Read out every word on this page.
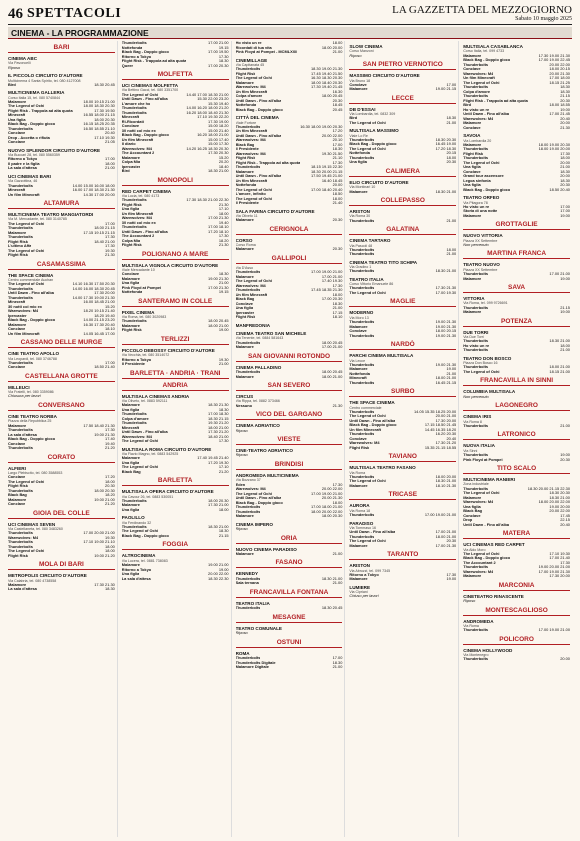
46 SPETTACOLI	LA GAZZETTA DEL MEZZOGIORNO
Sabato 10 maggio 2025
CINEMA - LA PROGRAMMAZIONE
BARI
CINEMA ABC
Via Pavoncelli
Riposo
IL PICCOLO CIRCUITO D'AUTORE
Multicinema 4 Santa Spirito, tel. 080 4127008
Bird	18.30 20.45
MULTICINEMA GALLERIA
Corso Italia 15, tel. 080 5740844
Malamore	18.00 19.15 21.00
The Legend of Ochi	18.00 18.30 20.30
Flight Risk - Trappola ad alta quota	17.30 19.50
Minecraft	16.55 18.00 21.15
Una figlia	18.00 20.30
Black Bag - Doppio gioco	16.15 18.25 20.35
Thunderbolts	16.50 18.55 21.10
Conclave	20.40
Drop - Accetta o rifiuta	17.10 19.30
Conclave	21.05
NUOVO SPLENDOR CIRCUITO D'AUTORE
Via Buccari 28, tel. 080 5560359
Ritorno a Tokyo	17.00
Il padre e la figlia	18.00
La sala d'attesa	21.00
UCI CINEMAS BARI
Via Gazzottina, 46
Thunderbolts	14.00 15.00 16.00 18.00
Minecraft	16.00 17.00 18.30 21.30
Un film Minecraft	14.30 17.00 20.00
ALTAMURA
MULTICINEMA TEATRO MANGIATORDI
Via M. Mercadante, tel. 080 3140785
The Legend of Ochi	17.00
Thunderbolts	18.00 21.15
Malamore	17.15 19.15 21.15
Thunderbolts	17.30
Flight Risk	18.40 21.00
L'ultimo Affa	17.30
The Legend of Ochi	19.30
Flight Risk	21.30
CASAMASSIMA
THE SPACE CINEMA
Centro commerciale Auchan
The Legend of Ochi	14.10 16.30 17.50 20.30
Thunderbolts	14.00 16.00 18.30 20.45
Until Dawn - Fino all'alba	17.30 20.00
Thunderbolts	14.00 17.30 19.00 21.30
Minecraft	16.00 18.45 21.00
30 notti col mio ex	15.20
Warewolves: M4	18.20 19.15 21.40
Ipercaster	18.20 19.40
Black Bag - Doppio gioco	14.00 21.15 23.20
Malamore	16.30 17.30 20.40
Conclave	18.10
Un film Minecraft	14.05 16.45 17.00
CASSANO DELLE MURGE
CINE TEATRO APOLLO
Via Leopardi, tel. 080 3746788
Thunderbolts	17.00
Conclave	18.50 21.40
CASTELLANA GROTTE
MILLEUCI
Via Fratelli, tel. 080 3359086
Chiusura per lavori
CONVERSANO
CINE TEATRO NORBA
Piazza della Repubblica 25
Malamore	17.50 18.40 21.30
Thunderbolts	17.30
La sala d'attesa	19.00 21.30
Black Bag - Doppio gioco	17.40
Conclave	19.40
Thunderbolts	21.20
CORATO
ALFIERI
Largo Plebiscito, tel. 080 3588553
Conclave	17.20
The Legend of Ochi	18.00
Flight Risk	20.30
Thunderbolts	18.00 20.30
Black Bag	18.20
Malamore	19.00 21.00
Conclave	21.20
GIOIA DEL COLLE
UCI CINEMAS SEVEN
Via Castellaneta, tel. 080 3483260
Thunderbolts	17.00 20.00 21.00
Warewolves: M4	19.30
Thunderbolts	17.10 19.00 21.10
Thunderbolts	18.00
The Legend of Ochi	18.00
Flight Risk	19.00 21.20
MOLA DI BARI
METROPOLIS CIRCUITO D'AUTORE
Via Calabria, tel. 080 4738558
Malamore	17.30 21.30
La sala d'attesa	18.30
Thunderbolts	17.00 21.00
Nottefonda	19.15
Black Bag - Doppio gioco	17.00 19.50
Ritorno a Tokyo	17.30
Flight Risk - Trappola ad alta quota	18.30
Queer	17.00 20.30
MOLFETTA
UCI CINEMAS MOLFETTA
Via Bettino Gacci, tel. 080 3351700
The Legend of Ochi	14.40 17.00 18.30 21.00
Until Dawn - Fino all'alba	15.30 22.00 23.20
L'amore che ho	15.30 19.40
Thunderbolts	14.00 16.20 18.00 21.20
Thunderbolts	16.20 18.00 18.40 21.30
Minecraft	17.10 19.30 22.20
Ri-Ricordati	17.30 19.00
Conclave	15.00 18.20
30 notti col mio ex	15.00 21.40
Black Bag - Doppio gioco	16.20 18.00 21.00
Un film Minecraft	15.00 17.40
Il diario	15.00 17.30
Warewolves: M4	14.20 16.25 18.30 20.30
The Accountant 2	17.30 20.30
Malamore	15.20
Colpa Mia	20.20
Ipercaster	18.40
Bird	18.30 21.00
MONOPOLI
RED CARPET CINEMA
Via Lucia, tel. 080 4173
Thunderbolts	17.30 18.30 21.00 22.30
Flight Risk	21.30
Una figlia	17.10
Un film Minecraft	18.00
Warewolves: M4	17.00 21.30
30 notti col mio ex	19.40
Thunderbolts	17.00 18.10
Until Dawn - Fino all'alba	17.20 18.10
The Accountant 2	17.30
Colpa Mia	18.20
Flight Risk	21.30
POLIGNANO A MARE
MULTISALA VIGNOLA CIRCUITO D'AUTORE
Viale Mercadante 10
Conclave	18.30
Malamore	19.00 21.30
Una figlia	21.00
Pink Floyd at Pompei	17.00 21.30
Nottefonda	19.15
SANTERAMO IN COLLE
PIXEL CINEMA
Via Roma, tel. 080 3020983
Thunderbolts	18.00 20.45
Malamore	18.00 21.00
Flight Risk	19.00
TERLIZZI
PICCOLO DEBOSSY CIRCUITO D'AUTORE
Via Vecchia, tel. 080 3514072
Ritorno a Tokyo	19.30
Il Presidente	21.00
BARLETTA · ANDRIA · TRANI
ANDRIA
MULTISALA CINEMAS ANDRIA
Via Oliveto, tel. 0883 592111
Malamore	18.30 21.30
Una figlia	18.30
Thunderbolts	17.00 18.30
Colpa d'amore	18.30 21.15
Thunderbolts	19.30 21.20
Minecraft	18.00 21.00
Until Dawn - Fino all'alba	17.30 21.20
Warewolves: M4	18.40 21.00
The Legend of Ochi	17.30
MULTISALA ROMA CIRCUITO D'AUTORE
Via Flavio Magno, tel. 0883 542925
Malamore	17.40 19.45 21.40
Una figlia	17.20 19.30
The Legend of Ochi	17.10
Black Bag	21.20
BARLETTA
MULTISALA OPERA CIRCUITO D'AUTORE
Via Cavour 26, tel. 0883 530051
Thunderbolts	18.00 20.30
Malamore	17.30 21.00
Una figlia	18.00
PAOLILLO
Via Ferdinando 32
Thunderbolts	18.30 21.00
The Legend of Ochi	18.30
Black Bag - Doppio gioco	21.15
FOGGIA
ALTROCINEMA
Via Lucera, tel. 0881 738083
Malamore	19.00 21.00
Ritorno a Tokyo	19.00
Una figlia	20.00 22.00
La sala d'attesa	18.30 22.30
Ho visto un re	18.00
Ricordati di tua vita	18.00 20.00
Pink Floyd at Pompei - MCMLXXII	21.00
CINEMILLAGE
Via Capitanata 45
Thunderbolts	18.30 19.00 21.30
Flight Risk	17.45 19.40 21.50
The Legend of Ochi	16.30 18.30 20.30
Malamore	18.00 18.40 20.30
Warewolves: M4	17.30 19.40 21.45
Un film Minecraft	16.30
Colpa d'amore	18.00 20.45
Until Dawn - Fino all'alba	20.30
Nottefonda	18.45
Black Bag - Doppio gioco	20.45
CITTÀ DEL CINEMA
Viale Fortore
Thunderbolts	16.30 18.00 19.00 20.30
Un film Minecraft	17.20
Until Dawn - Fino all'alba	20.00 22.00
Warewolves: M4	20.10
Black Bag	17.00
Il Presidente	18.30
Warewolves: M4	19.30 21.50
Flight Risk	21.10
Flight Risk - Trappola ad alta quota	17.30
Thunderbolts	18.15 19.15 22.30
Malamore	18.30 20.00 21.15
Until Dawn - Fino all'alba	17.50 19.45 21.00
Un film Minecraft	16.40 18.45
Nottefonda	20.00
The Legend of Ochi	17.00 18.40 20.40
L'amore, infinito	18.50
The Legend of Ochi	18.00
Il Presidente	21.40
SALA FARINA CIRCUITO D'AUTORE
Via Oliveto 11
Malamore	20.30
CERIGNOLA
CORSO
Corso Roma
Malamore	20.30
GALLIPOLI
Via D'Asso
Thunderbolts	17.00 19.00 21.00
Malamore	17.00 21.00
The Legend of Ochi	17.40 19.30
Warewolves: M4	17.30
Thunderbolts	17.45 18.35 21.30
Un film Minecraft	18.00
Black Bag	17.00 20.30
Conclave	18.30
Una figlia	21.00
Ipercaster	17.15
Flight Risk	18.10
MANFREDONIA
CINEMA TEATRO SAN MICHELE
Via Tenente, tel. 0884 581643
Thunderbolts	18.00 20.45
Malamore	17.00 21.00
SAN GIOVANNI ROTONDO
CINEMA PALLADINO
Thunderbolts	18.00 20.45
Malamore	18.00 21.00
SAN SEVERO
CIRCUS
Via Rippa, tel. 0882 373466
Nessuno	21.30
VICO DEL GARGANO
CINEMA ADRIATICO
Riposo
VIESTE
CINE-TEATRO ADRIATICO
Riposo
BRINDISI
ANDROMEDA MULTICINEMA
Via Bozzano 37
Eden	17.30
Warewolves: M4	20.00 22.00
The Legend of Ochi	17.00 19.00 21.00
Until Dawn - Fino all'alba	20.00 21.30
Black Bag - Doppio gioco	18.00
Thunderbolts	17.00 18.00 21.00
Thunderbolts	18.00 20.00 22.00
Malamore	18.00 20.30
CINEMA IMPERO
Riposo
ORIA
NUOVO CINEMA PARADISO
Malamore	21.00
FASANO
KENNEDY
Thunderbolts	18.30 21.00
Sala ternana	21.00
FRANCAVILLA FONTANA
TEATRO ITALIA
Thunderbolts	18.30 20.45
MESAGNE
TEATRO COMUNALE
Riposo
OSTUNI
ROMA
Thunderbolts	17.00
Thunderbolts Digitale	18.30
Malamore Digitale	21.00
SLOW CINEMA
Corso Manzoni
Riposo
SAN PIETRO VERNOTICO
MASSIMO CIRCUITO D'AUTORE
Via Bruno 18
Conclave	17.00
Malamore	19.00 21.15
LECCE
DB D'ESSAI
Via Lombardia, tel. 0832 309
Bird	18.30
The Legend of Ochi	21.00
MULTISALA MASSIMO
Viale Lo Re
Thunderbolts	18.30 20.30
Black Bag - Doppio gioco	16.45 19.00
The Legend of Ochi	17.20 18.30
Nottefonda	20.15
Thunderbolts	18.00
Una figlia	20.30
CALIMERA
ELIO CIRCUITO D'AUTORE
Via Montinari 10
Malamore	18.30 21.00
COLLEPASSO
ARISTON
Via Roma 30
Thunderbolts	21.00
GALATINA
CINEMA TARTARO
Via Pascoli 48
Thunderbolts	18.00
Thunderbolts	21.00
CINEMA TEATRO TITO SCHIPA
Via Gradino 1
Thunderbolts	18.30 21.00
TEATRO ITALIA
Corso Vittorio Emanuele 86
Thunderbolts	17.30 21.30
The Legend of Ochi	17.00 19.30
MAGLIE
MODERNO
Via Moro 13
Thunderbolts	19.00 21.30
Malamore	19.00 21.30
Conclave	18.00 20.15
Thunderbolts	19.00 21.30
NARDÒ
PARCHI CINEMA MULTISALA
Via Lecce
Thunderbolts	19.00 21.30
Malamore	19.00
Nottefonda	21.00
Minecraft	18.00 21.00
Thunderbolts	16.45 21.15
SURBO
THE SPACE CINEMA
Centro commerciale
Thunderbolts	14.05 15.35 18.25 20.00
The Legend of Ochi	20.00 21.00
Until Dawn - Fino all'alba	17.30 20.00
Black Bag - Doppio gioco	17.15 18.50 21.45
Un film Minecraft	14.45 16.35 18.20
Thunderbolts	16.20 20.30
Conclave	20.40
Warewolves: M4	17.30 21.20
Flight Risk	15.35 21.15 18.55
TAVIANO
MULTISALA TEATRO FASANO
Via Roma
Thunderbolts	18.00 20.00
The Legend of Ochi	18.30 21.00
Malamore	18.10 21.30
TRICASE
AURORA
Via Roma 18
Thunderbolts	17.00 19.00 21.00
PARADISO
Via Tommaso 16
Until Dawn - Fino all'alba	17.00 21.00
Thunderbolts	18.00 21.00
The Legend of Ochi	20.30
Malamore	17.00 21.30
TARANTO
ARISTON
Via Abruzzi, tel. 099 7345
Ritorno a Tokyo	17.30
Malamore	19.00
LUMIERE
Via Cipriani
Chiuso per lavori
MULTISALA CASABLANCA
Corso Italia, tel. 099 4733
Malamore	17.30 19.00 21.30
Black Bag - Doppio gioco	17.00 19.00 22.45
Thunderbolts	20.00 22.00
Conclave	18.00 20.15
Warewolves: M4	20.00 21.30
Un film Minecraft	17.00 18.00
The Legend of Ochi	18.15 21.25
Thunderbolts	18.30
Colpa d'amore	18.30
Thunderbolts	21.15
Flight Risk - Trappola ad alta quota	20.30
Bird	18.00 18.55
Ho visto un re	19.00
Until Dawn - Fino all'alba	17.00 21.45
Warewolves: M4	20.40
Malamore	20.00
Conclave	21.30
SAVOIA
Via Lombardia 20
Malamore	18.00 19.00 20.30
Thunderbolts	18.00 19.00 20.00
Flight Risk	17.30
Thunderbolts	18.00
The Legend of Ochi	20.00
Una figlia	21.00
Conclave	18.30
Grand tour ascensore	20.00
Legoa sinfonia	18.30
Una figlia	20.30
Black Bag - Doppio gioco	18.50 20.40
TEATRO ORFEO
Via Pitagora 78
Ho visto un re	17.00
Storia di una notte	17.00
Malamore	19.00
GROTTAGLIE
NUOVO VITTORIA
Piazza XX Settembre
Non pervenuto
MARTINA FRANCA
TEATRO NUOVO
Piazza XX Settembre
Thunderbolts	17.00 21.00
Malamore	19.00
SAVA
VITTORIA
Via Roma, tel. 099 9726691
Thunderbolts	21.15
Malamore	19.00
POTENZA
DUE TORRI
Via Due Torri
Thunderbolts	18.30 21.00
Ho visto un re	18.00
Thunderbolts	21.00
TEATRO DON BOSCO
Piazza Don Bosco 16
Thunderbolts	18.00 21.00
The Legend of Ochi	18.15 21.00
FRANCAVILLA IN SINNI
COLUMBIA MULTISALA
Non pervenuto
LAGONEGRO
CINEMA IRIS
Via Roma 8
Thunderbolts	21.00
LATRONICO
NUOVA ITALIA
Via Sinni
Thunderbolts	19.00
Pink Floyd at Pompei	20.30
TITO SCALO
MULTICINEMA RANIERI
Zona industriale
Thunderbolts	18.30 20.00 21.15 22.30
The Legend of Ochi	18.30 20.30
Malamore	18.30 21.00
Warewolves: M4	18.00 20.00 22.00
Una figlia	19.00 20.00
Black Bag	20.00 22.00
Conclave	17.45
Drop	22.15
Until Dawn - Fino all'alba	20.40
MATERA
UCI CINEMAS RED CARPET
Via Aldo Moro
The Legend of Ochi	17.10 19.30
Black Bag - Doppio gioco	17.00 21.40
The Accountant 2	17.30
Thunderbolts	19.00 20.00 21.00
Warewolves: M4	17.00 19.00 21.30
Malamore	17.30 20.00
MARCONIA
CINETEATRO RINASCENTE
Riposo
MONTESCAGLIOSO
ANDROMEDA
Via Roma
Thunderbolts	17.00 19.00 21.00
POLICORO
CINEMA HOLLYWOOD
Via Montenegro
Thunderbolts	20.00
